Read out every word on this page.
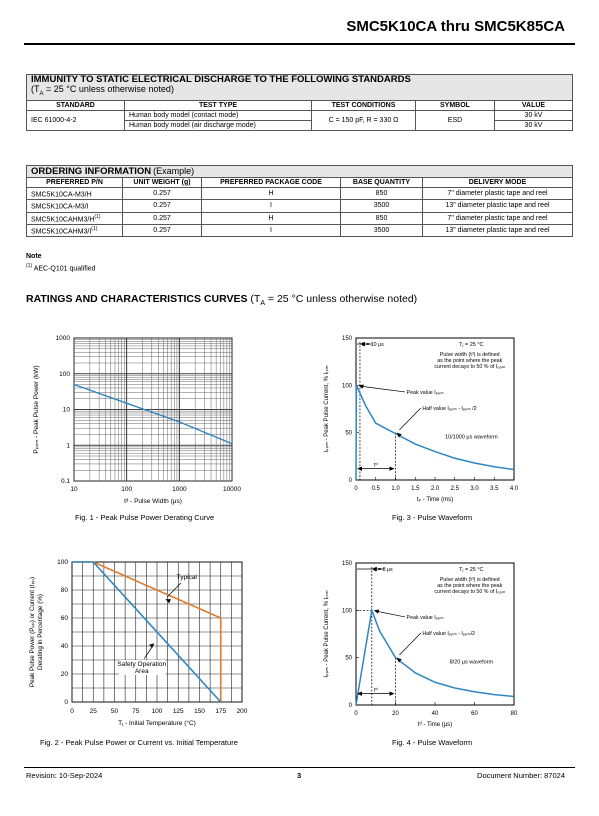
SMC5K10CA thru SMC5K85CA
IMMUNITY TO STATIC ELECTRICAL DISCHARGE TO THE FOLLOWING STANDARDS
($T_A = 25$ °C unless otherwise noted)				

STANDARD	TEST TYPE	TEST CONDITIONS	SYMBOL	VALUE
IEC 61000-4-2	Human body model (contact mode)	C = 150 pF, R = 330 Ω	ESD	30 kV
	Human body model (air discharge mode)			30 kV
ORDERING INFORMATION (Example)				
PREFERRED P/N	UNIT WEIGHT (g)	PREFERRED PACKAGE CODE	BASE QUANTITY	DELIVERY MODE
SMC5K10CA-M3/H	0.257	H	850	7" diameter plastic tape and reel
SMC5K10CA-M3/I	0.257	I	3500	13" diameter plastic tape and reel
$SMC5K10CAHM3/H^{(1)}$	0.257	H	850	7" diameter plastic tape and reel
$SMC5K10CAHM3/I^{(1)}$	0.257	I	3500	13" diameter plastic tape and reel
Note
$^{(1)}$ AEC-Q101 qualified
RATINGS AND CHARACTERISTICS CURVES ($T_A = 25$ °C unless otherwise noted)
1000
100
10
1
0.1
10	100	1000	10000
tᵈ - Pulse Width (μs)
Pₚₚₘ - Peak Pulse Power (kW)
Fig. 1 - Peak Pulse Power Derating Curve
100
80
60
40
20
0
0 25 50 75 100 125 150 175 200
Tⱼ - Initial Temperature (°C)
Peak Pulse Power (Pₚₚ) or Current (Iₚₚ) Derating in Percentage (%)
Typical
Safety Operation
Area
Fig. 2 - Peak Pulse Power or Current vs. Initial Temperature
150
100
50
0
0 0.5 1.0 1.5 2.0 2.5 3.0 3.5 4.0
tₚ - Time (ms)
Iₚₚₘ - Peak Pulse Current, % Iᵣₛₘ
tᵣ = 10 μs	Tⱼ = 25 °C
Pulse width (tᵈ) is defined
as the point where the peak
current decays to 50 % of Iₚₚₘ
Peak value Iₚₚₘ
Half value Iₚₚₘ - Iₚₚₘ /2
10/1000 μs waveform
tᵈ
Fig. 3 - Pulse Waveform
150
100
50
0
0	20	40	60	80
tᵈ - Time (μs)
Iₚₚₘ - Peak Pulse Current, % Iᵣₛₘ
tᵣ = 8 μs	Tⱼ = 25 °C
Pulse width (tᵈ) is defined
as the point where the peak
current decays to 50 % of Iₚₚₘ
Peak value Iₚₚₘ
Half value Iₚₚₘ - Iₚₚₘ/2
8/20 μs waveform
tᵈ
Fig. 4 - Pulse Waveform
Revision: 10-Sep-2024	3	Document Number: 87024
